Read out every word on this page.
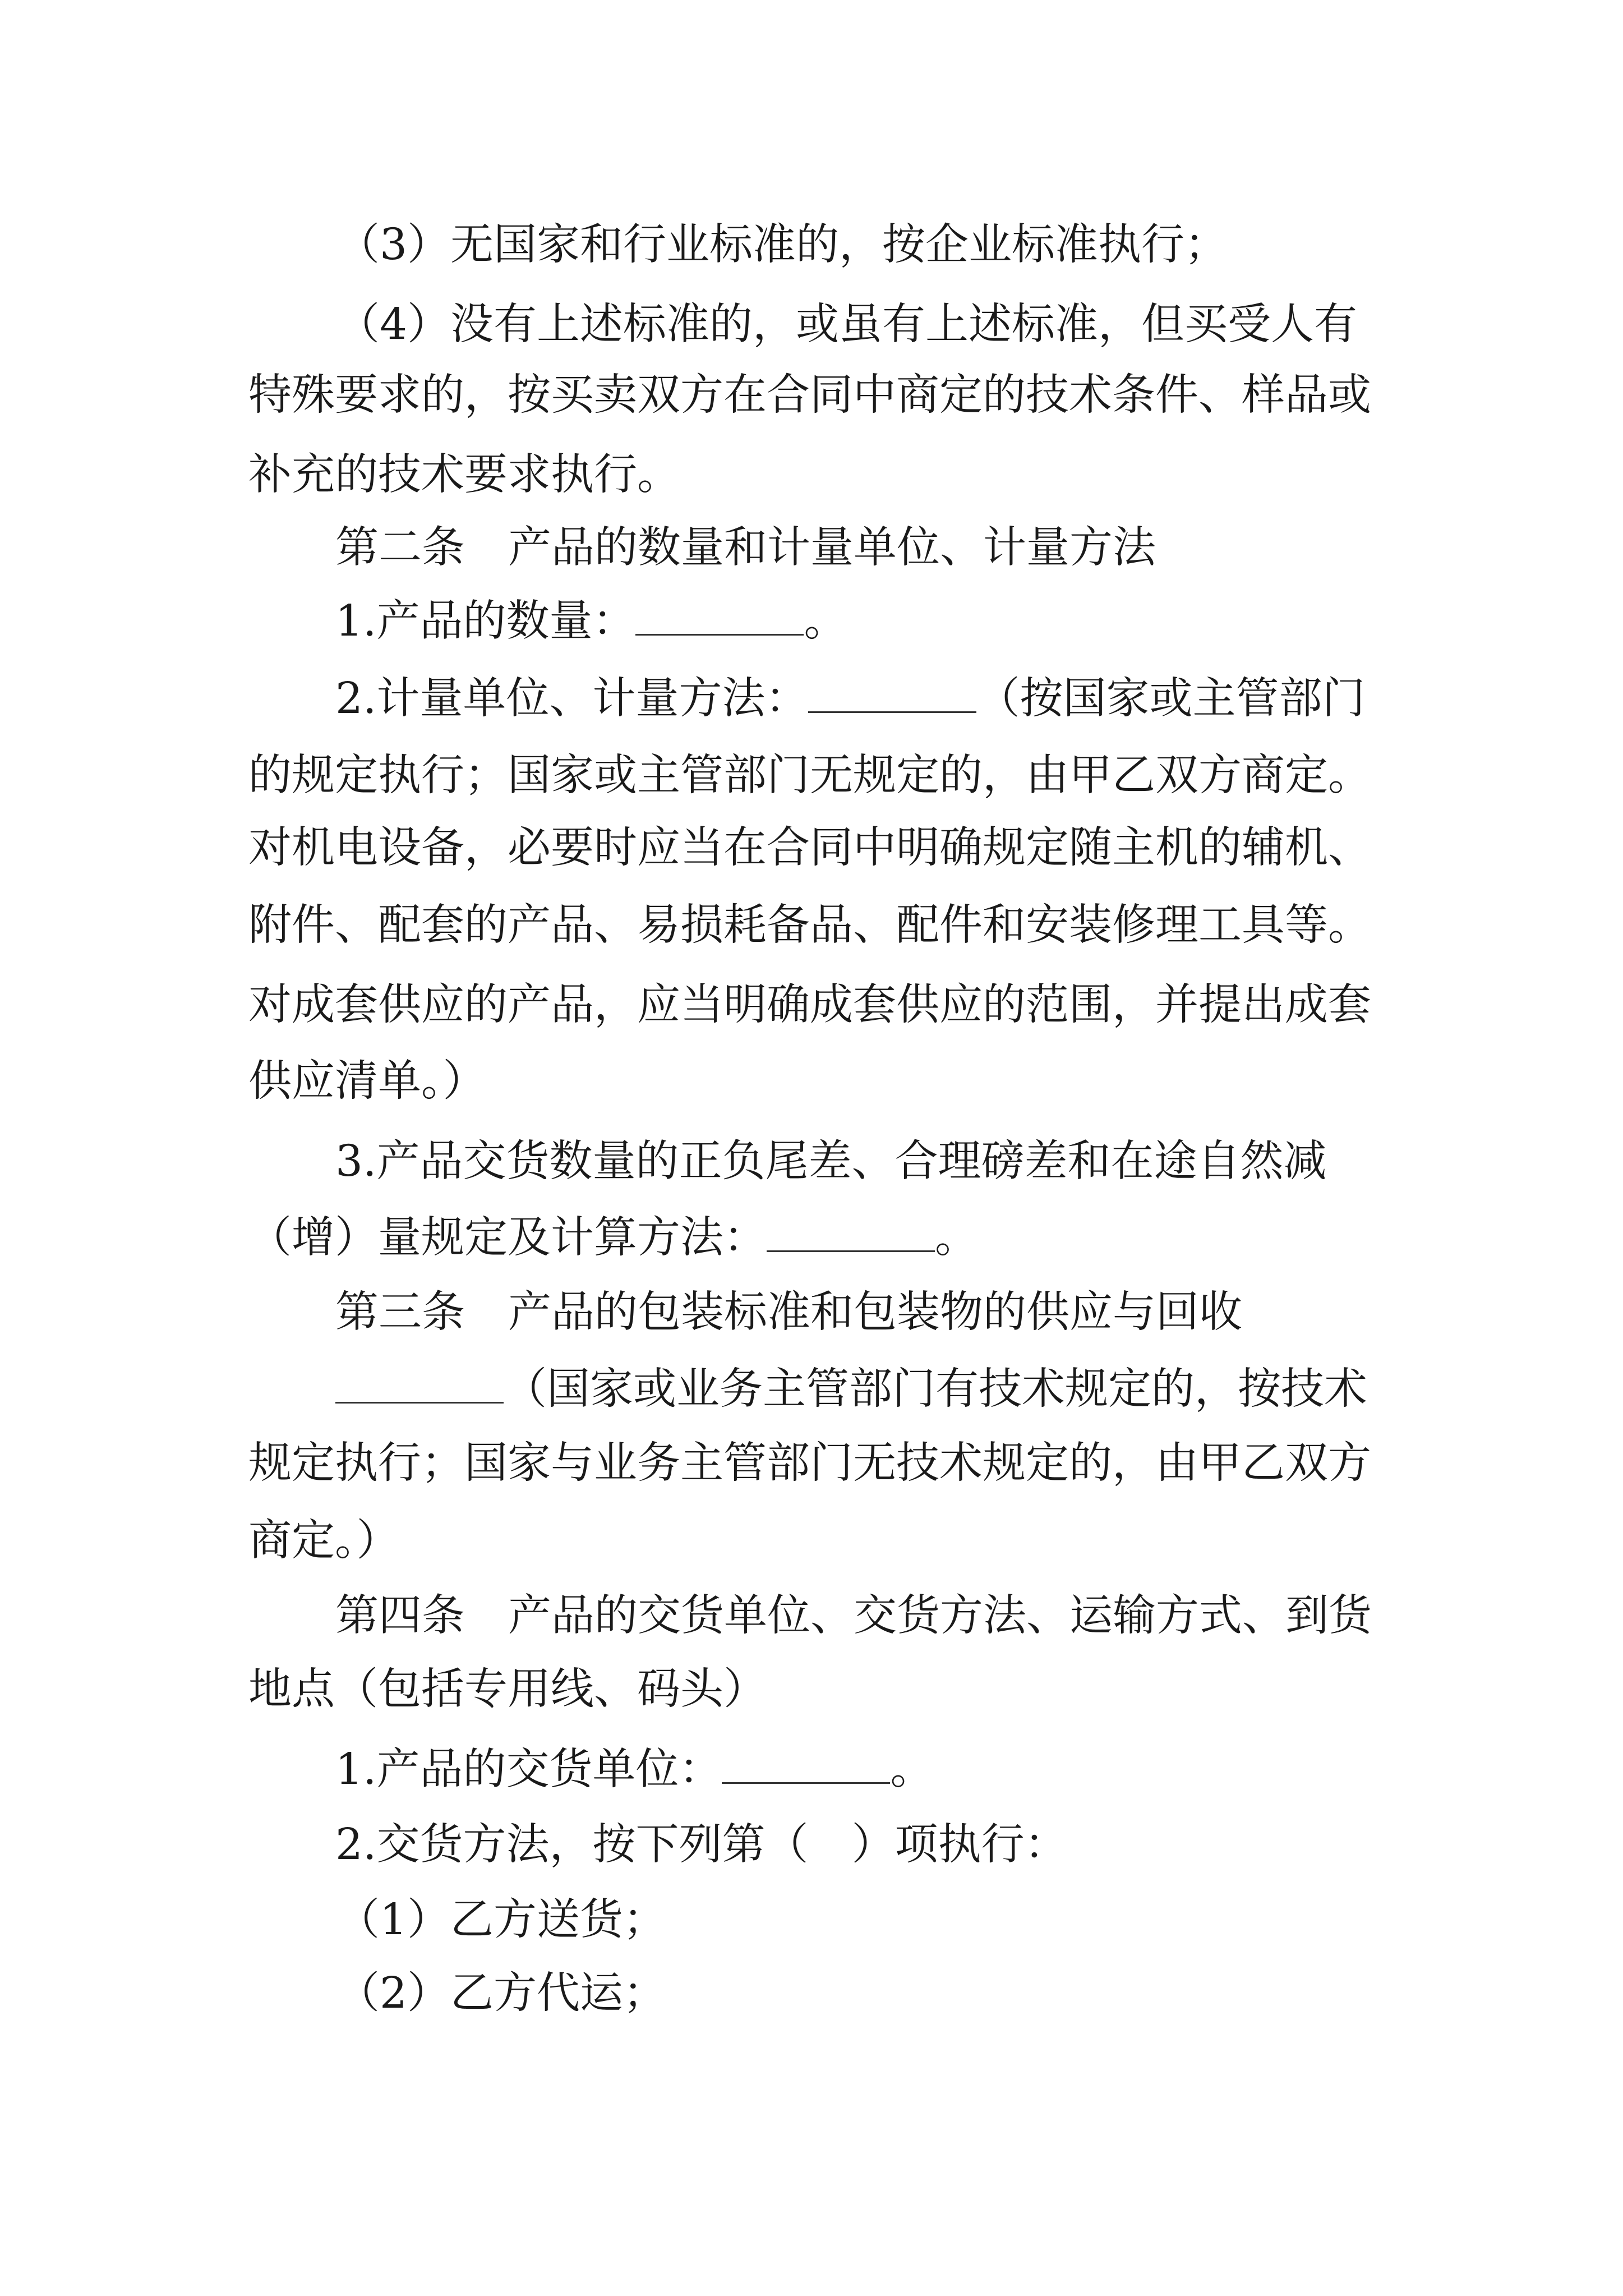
（3）无国家和行业标准的，按企业标准执行；

（4）没有上述标准的，或虽有上述标准，但买受人有

特殊要求的，按买卖双方在合同中商定的技术条件、样品或

补充的技术要求执行。

第二条　产品的数量和计量单位、计量方法

1.产品的数量：	。

2.计量单位、计量方法：	（按国家或主管部门

的规定执行；国家或主管部门无规定的，由甲乙双方商定。

对机电设备，必要时应当在合同中明确规定随主机的辅机、

附件、配套的产品、易损耗备品、配件和安装修理工具等。

对成套供应的产品，应当明确成套供应的范围，并提出成套

供应清单。）

3.产品交货数量的正负尾差、合理磅差和在途自然减

（增）量规定及计算方法：	。

第三条　产品的包装标准和包装物的供应与回收

（国家或业务主管部门有技术规定的，按技术

规定执行；国家与业务主管部门无技术规定的，由甲乙双方

商定。）

第四条　产品的交货单位、交货方法、运输方式、到货

地点（包括专用线、码头）

1.产品的交货单位：	。

2.交货方法，按下列第（　）项执行：

（1）乙方送货；

（2）乙方代运；
